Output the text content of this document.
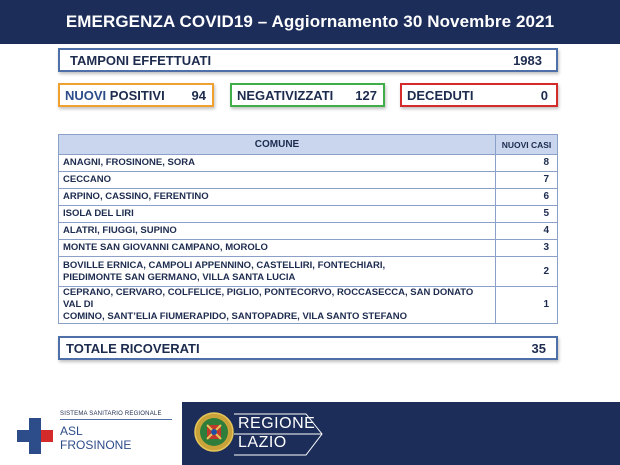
EMERGENZA COVID19 – Aggiornamento 30 Novembre 2021
TAMPONI EFFETTUATI	1983
NUOVI POSITIVI 94 NEGATIVIZZATI 127 DECEDUTI	0
COMUNE	NUOVI CASI
ANAGNI, FROSINONE, SORA	8
CECCANO	7
ARPINO, CASSINO, FERENTINO	6
ISOLA DEL LIRI	5
ALATRI, FIUGGI, SUPINO	4
MONTE SAN GIOVANNI CAMPANO, MOROLO	3

BOVILLE ERNICA, CAMPOLI APPENNINO, CASTELLIRI, FONTECHIARI,
PIEDIMONTE SAN GERMANO, VILLA SANTA LUCIA	2

CEPRANO, CERVARO, COLFELICE, PIGLIO, PONTECORVO, ROCCASECCA, SAN DONATO VAL DI
COMINO, SANT’ELIA FIUMERAPIDO, SANTOPADRE, VILA SANTO STEFANO	1
TOTALE RICOVERATI	35
SISTEMA SANITARIO REGIONALE
ASL
FROSINONE
REGIONE
LAZIO
